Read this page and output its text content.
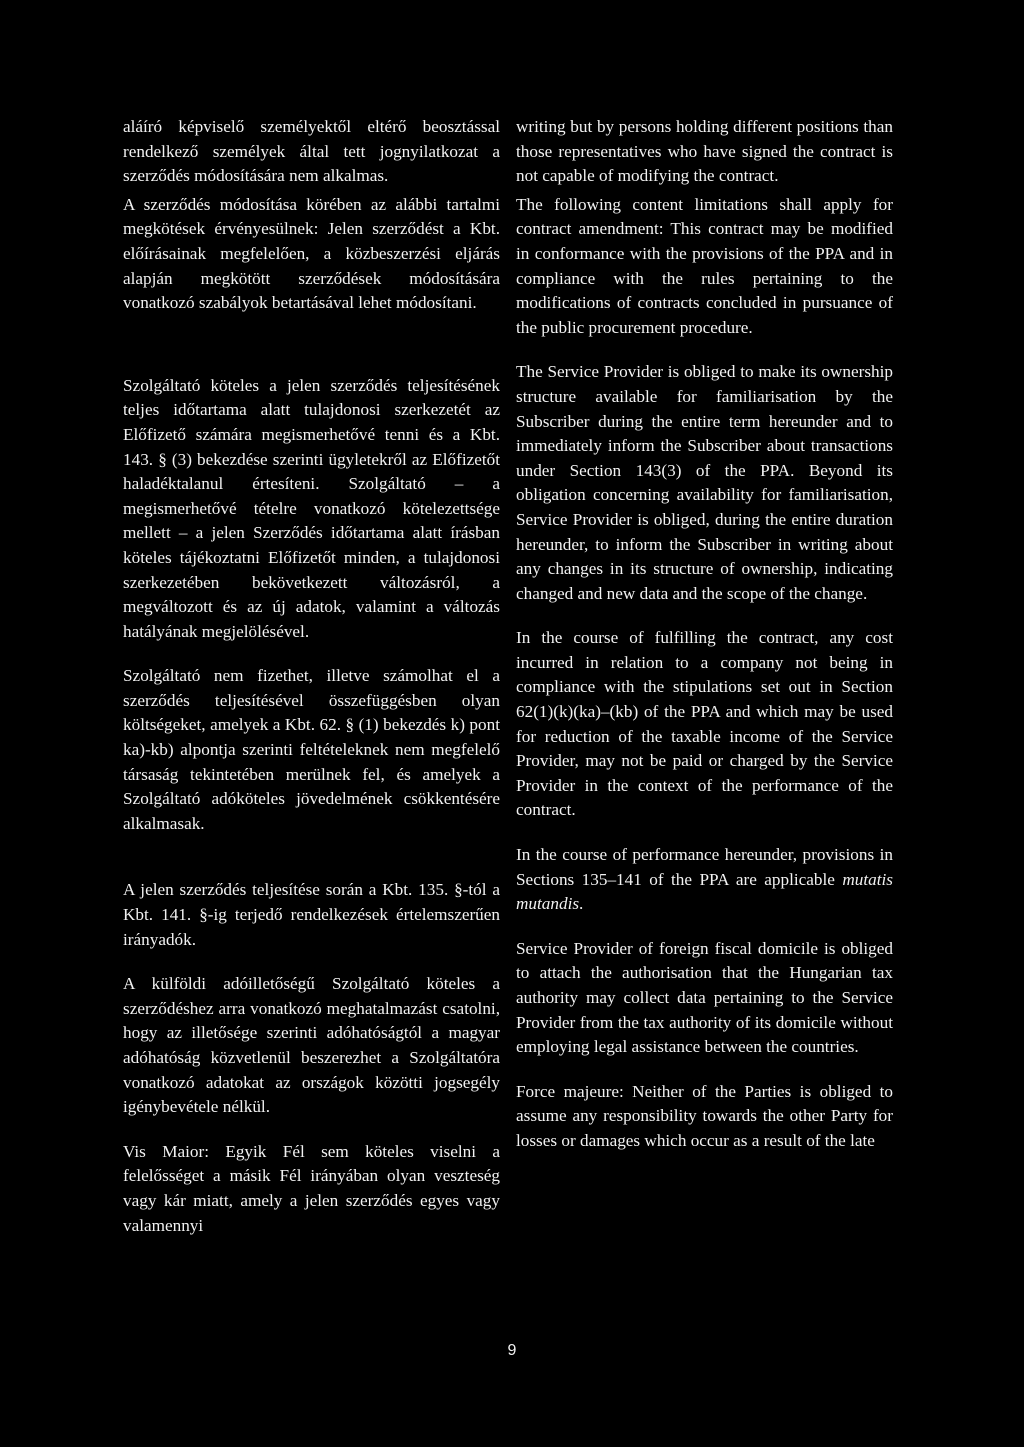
aláíró képviselő személyektől eltérő beosztással rendelkező személyek által tett jognyilatkozat a szerződés módosítására nem alkalmas.

A szerződés módosítása körében az alábbi tartalmi megkötések érvényesülnek: Jelen szerződést a Kbt. előírásainak megfelelően, a közbeszerzési eljárás alapján megkötött szerződések módosítására vonatkozó szabályok betartásával lehet módosítani.

Szolgáltató köteles a jelen szerződés teljesítésének teljes időtartama alatt tulajdonosi szerkezetét az Előfizető számára megismerhetővé tenni és a Kbt. 143. § (3) bekezdése szerinti ügyletekről az Előfizetőt haladéktalanul értesíteni. Szolgáltató – a megismerhetővé tételre vonatkozó kötelezettsége mellett – a jelen Szerződés időtartama alatt írásban köteles tájékoztatni Előfizetőt minden, a tulajdonosi szerkezetében bekövetkezett változásról, a megváltozott és az új adatok, valamint a változás hatályának megjelölésével.

Szolgáltató nem fizethet, illetve számolhat el a szerződés teljesítésével összefüggésben olyan költségeket, amelyek a Kbt. 62. § (1) bekezdés k) pont ka)-kb) alpontja szerinti feltételeknek nem megfelelő társaság tekintetében merülnek fel, és amelyek a Szolgáltató adóköteles jövedelmének csökkentésére alkalmasak.

A jelen szerződés teljesítése során a Kbt. 135. §-tól a Kbt. 141. §-ig terjedő rendelkezések értelemszerűen irányadók.

A külföldi adóilletőségű Szolgáltató köteles a szerződéshez arra vonatkozó meghatalmazást csatolni, hogy az illetősége szerinti adóhatóságtól a magyar adóhatóság közvetlenül beszerezhet a Szolgáltatóra vonatkozó adatokat az országok közötti jogsegély igénybevétele nélkül.

Vis Maior: Egyik Fél sem köteles viselni a felelősséget a másik Fél irányában olyan veszteség vagy kár miatt, amely a jelen szerződés egyes vagy valamennyi

writing but by persons holding different positions than those representatives who have signed the contract is not capable of modifying the contract.

The following content limitations shall apply for contract amendment: This contract may be modified in conformance with the provisions of the PPA and in compliance with the rules pertaining to the modifications of contracts concluded in pursuance of the public procurement procedure.

The Service Provider is obliged to make its ownership structure available for familiarisation by the Subscriber during the entire term hereunder and to immediately inform the Subscriber about transactions under Section 143(3) of the PPA. Beyond its obligation concerning availability for familiarisation, Service Provider is obliged, during the entire duration hereunder, to inform the Subscriber in writing about any changes in its structure of ownership, indicating changed and new data and the scope of the change.

In the course of fulfilling the contract, any cost incurred in relation to a company not being in compliance with the stipulations set out in Section 62(1)(k)(ka)–(kb) of the PPA and which may be used for reduction of the taxable income of the Service Provider, may not be paid or charged by the Service Provider in the context of the performance of the contract.

In the course of performance hereunder, provisions in Sections 135–141 of the PPA are applicable mutatis mutandis.

Service Provider of foreign fiscal domicile is obliged to attach the authorisation that the Hungarian tax authority may collect data pertaining to the Service Provider from the tax authority of its domicile without employing legal assistance between the countries.

Force majeure: Neither of the Parties is obliged to assume any responsibility towards the other Party for losses or damages which occur as a result of the late

9
